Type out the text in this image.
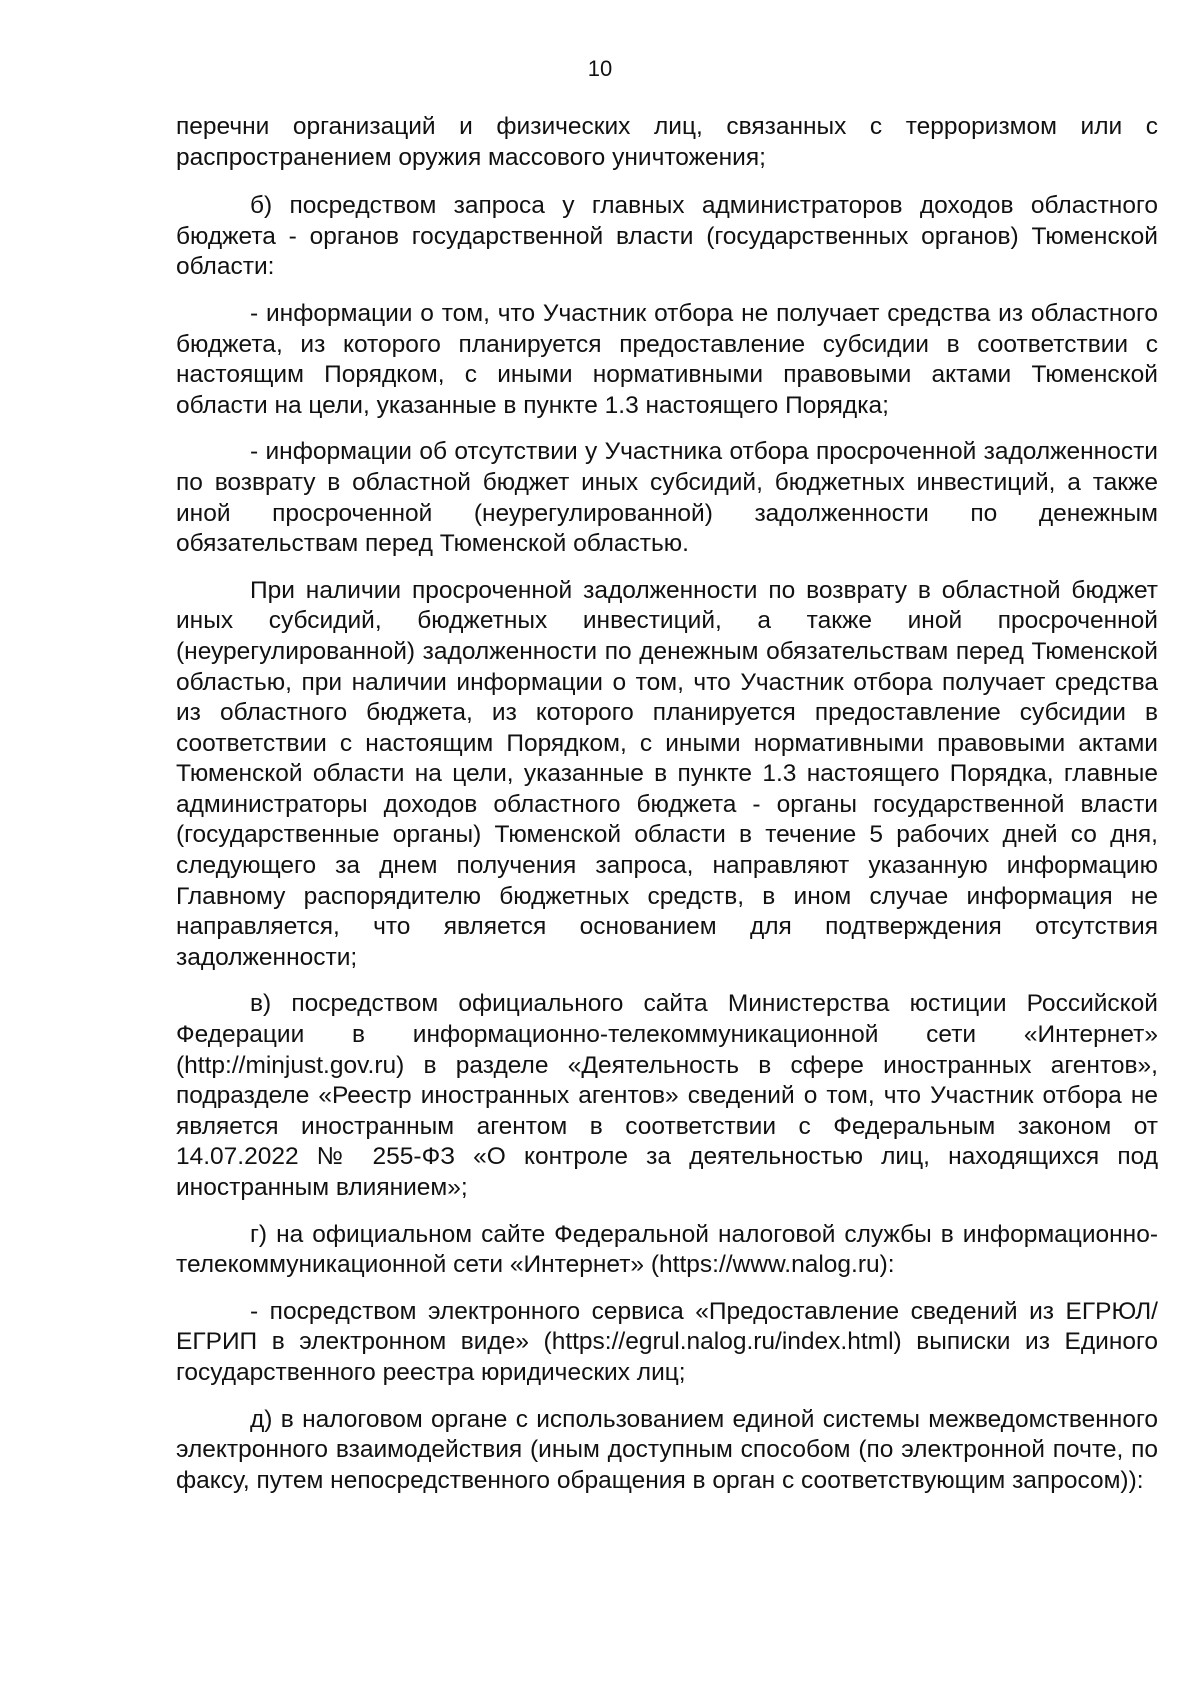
10

перечни организаций и физических лиц, связанных с терроризмом или с распространением оружия массового уничтожения;

б) посредством запроса у главных администраторов доходов областного бюджета - органов государственной власти (государственных органов) Тюменской области:

- информации о том, что Участник отбора не получает средства из областного бюджета, из которого планируется предоставление субсидии в соответствии с настоящим Порядком, с иными нормативными правовыми актами Тюменской области на цели, указанные в пункте 1.3 настоящего Порядка;

- информации об отсутствии у Участника отбора просроченной задолженности по возврату в областной бюджет иных субсидий, бюджетных инвестиций, а также иной просроченной (неурегулированной) задолженности по денежным обязательствам перед Тюменской областью.

При наличии просроченной задолженности по возврату в областной бюджет иных субсидий, бюджетных инвестиций, а также иной просроченной (неурегулированной) задолженности по денежным обязательствам перед Тюменской областью, при наличии информации о том, что Участник отбора получает средства из областного бюджета, из которого планируется предоставление субсидии в соответствии с настоящим Порядком, с иными нормативными правовыми актами Тюменской области на цели, указанные в пункте 1.3 настоящего Порядка, главные администраторы доходов областного бюджета - органы государственной власти (государственные органы) Тюменской области в течение 5 рабочих дней со дня, следующего за днем получения запроса, направляют указанную информацию Главному распорядителю бюджетных средств, в ином случае информация не направляется, что является основанием для подтверждения отсутствия задолженности;

в) посредством официального сайта Министерства юстиции Российской Федерации в информационно-телекоммуникационной сети «Интернет» (http://minjust.gov.ru) в разделе «Деятельность в сфере иностранных агентов», подразделе «Реестр иностранных агентов» сведений о том, что Участник отбора не является иностранным агентом в соответствии с Федеральным законом от 14.07.2022 № 255-ФЗ «О контроле за деятельностью лиц, находящихся под иностранным влиянием»;

г) на официальном сайте Федеральной налоговой службы в информационно-телекоммуникационной сети «Интернет» (https://www.nalog.ru):

- посредством электронного сервиса «Предоставление сведений из ЕГРЮЛ/ЕГРИП в электронном виде» (https://egrul.nalog.ru/index.html) выписки из Единого государственного реестра юридических лиц;

д) в налоговом органе с использованием единой системы межведомственного электронного взаимодействия (иным доступным способом (по электронной почте, по факсу, путем непосредственного обращения в орган с соответствующим запросом)):
